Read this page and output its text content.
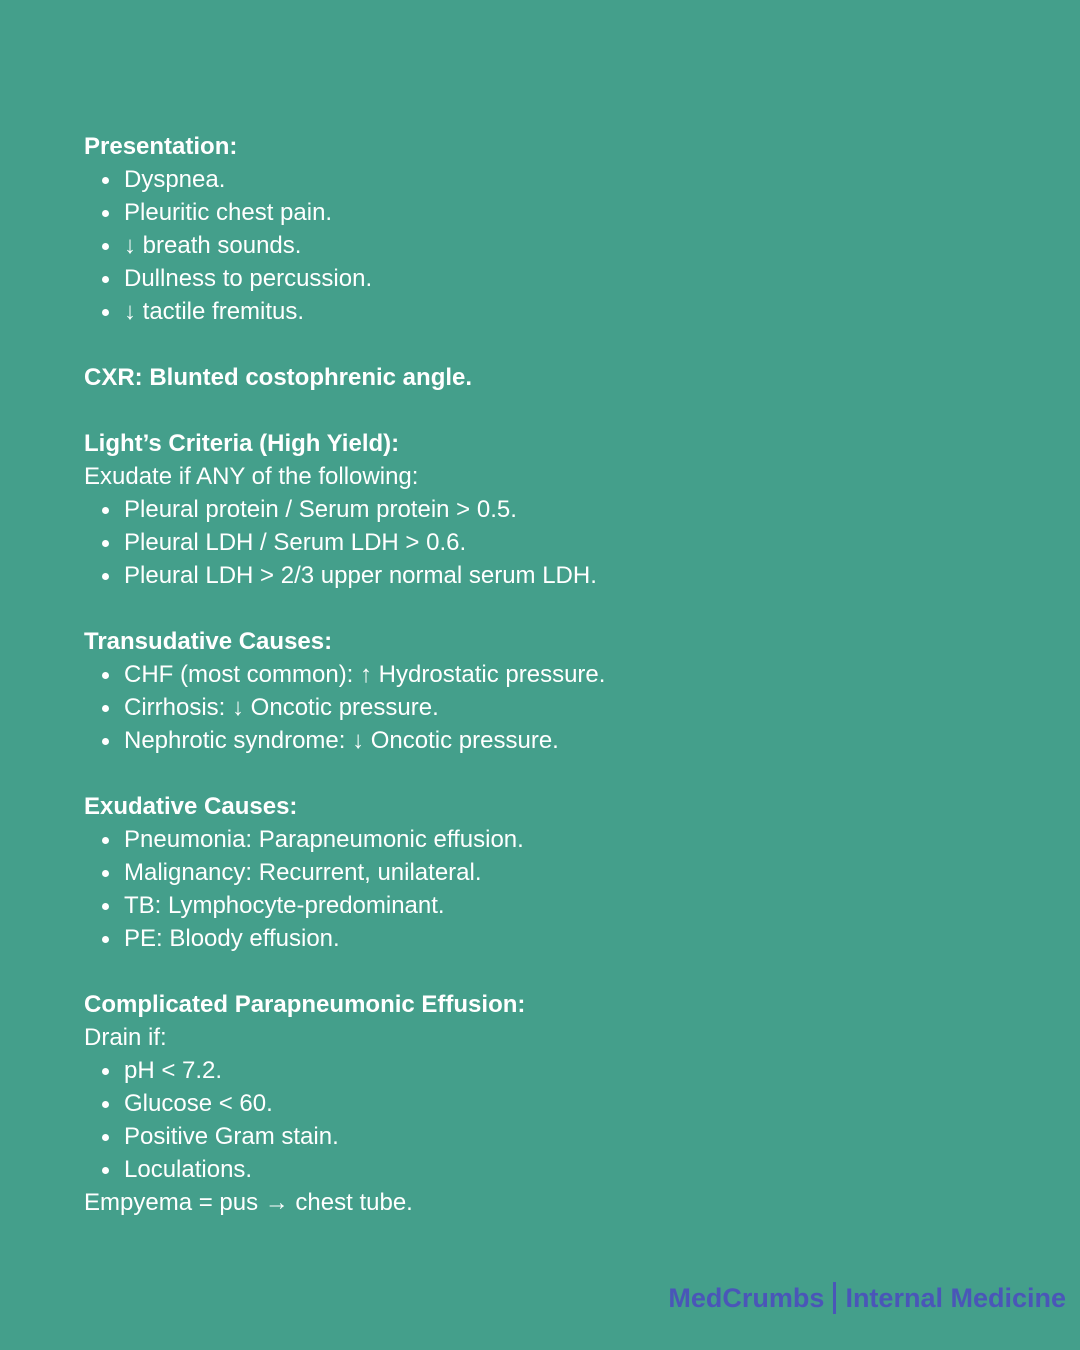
Presentation:

Dyspnea.
Pleuritic chest pain.
↓ breath sounds.
Dullness to percussion.
↓ tactile fremitus.

CXR: Blunted costophrenic angle.

Light’s Criteria (High Yield):

Exudate if ANY of the following:

Pleural protein / Serum protein > 0.5.
Pleural LDH / Serum LDH > 0.6.
Pleural LDH > 2/3 upper normal serum LDH.

Transudative Causes:

CHF (most common): ↑ Hydrostatic pressure.
Cirrhosis: ↓ Oncotic pressure.
Nephrotic syndrome: ↓ Oncotic pressure.

Exudative Causes:

Pneumonia: Parapneumonic effusion.
Malignancy: Recurrent, unilateral.
TB: Lymphocyte-predominant.
PE: Bloody effusion.

Complicated Parapneumonic Effusion:

Drain if:

pH < 7.2.
Glucose < 60.
Positive Gram stain.
Loculations.

Empyema = pus → chest tube.

MedCrumbs Internal Medicine
